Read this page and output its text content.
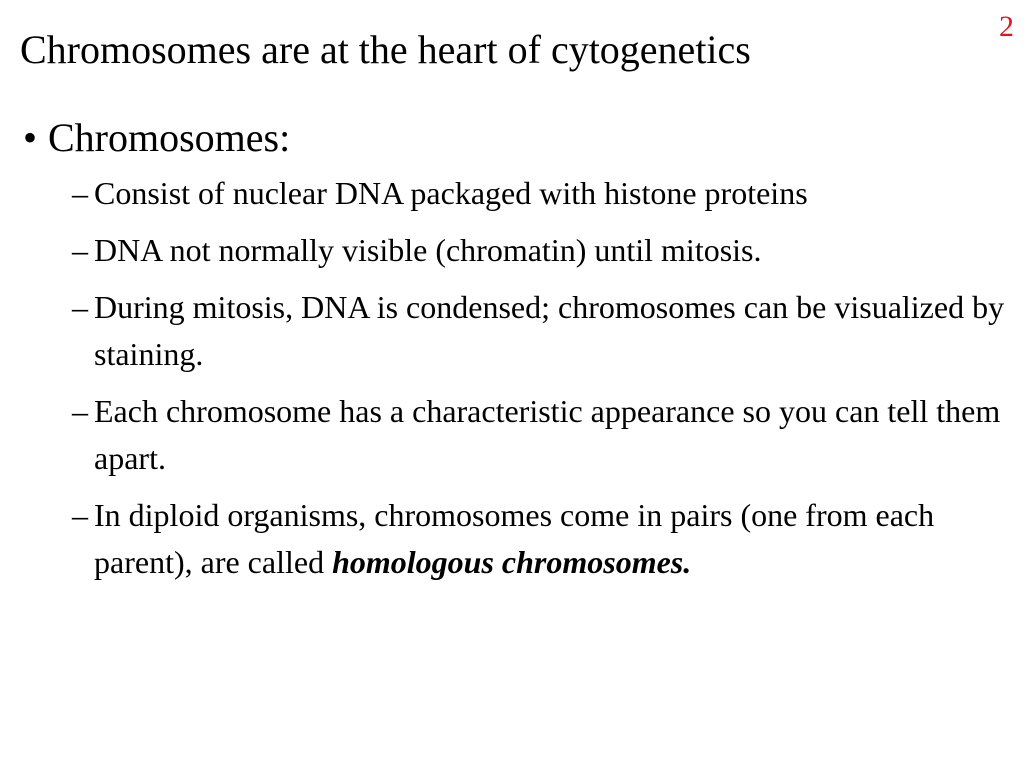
2
Chromosomes are at the heart of cytogenetics
• Chromosomes:
– Consist of nuclear DNA packaged with histone proteins
– DNA not normally visible (chromatin) until mitosis.
– During mitosis, DNA is condensed; chromosomes can be visualized by staining.
– Each chromosome has a characteristic appearance so you can tell them apart.
– In diploid organisms, chromosomes come in pairs (one from each parent), are called homologous chromosomes.
